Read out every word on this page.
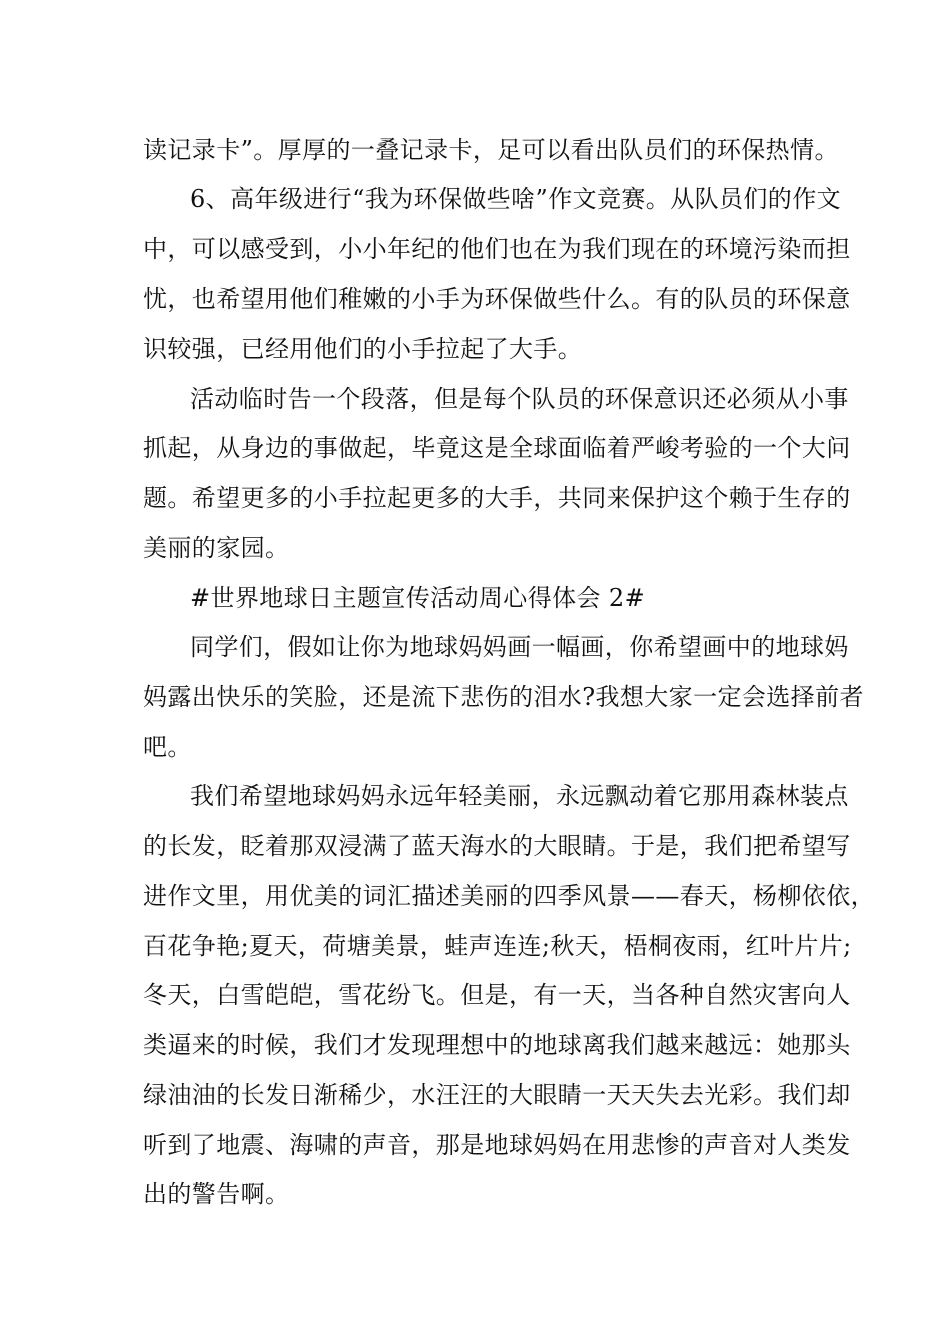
读记录卡”。厚厚的一叠记录卡，足可以看出队员们的环保热情。
6、高年级进行“我为环保做些啥”作文竞赛。从队员们的作文
中，可以感受到，小小年纪的他们也在为我们现在的环境污染而担
忧，也希望用他们稚嫩的小手为环保做些什么。有的队员的环保意
识较强，已经用他们的小手拉起了大手。
活动临时告一个段落，但是每个队员的环保意识还必须从小事
抓起，从身边的事做起，毕竟这是全球面临着严峻考验的一个大问
题。希望更多的小手拉起更多的大手，共同来保护这个赖于生存的
美丽的家园。
#世界地球日主题宣传活动周心得体会 2#
同学们，假如让你为地球妈妈画一幅画，你希望画中的地球妈
妈露出快乐的笑脸，还是流下悲伤的泪水?我想大家一定会选择前者
吧。
我们希望地球妈妈永远年轻美丽，永远飘动着它那用森林装点
的长发，眨着那双浸满了蓝天海水的大眼睛。于是，我们把希望写
进作文里，用优美的词汇描述美丽的四季风景——春天，杨柳依依，
百花争艳;夏天，荷塘美景，蛙声连连;秋天，梧桐夜雨，红叶片片;
冬天，白雪皑皑，雪花纷飞。但是，有一天，当各种自然灾害向人
类逼来的时候，我们才发现理想中的地球离我们越来越远：她那头
绿油油的长发日渐稀少，水汪汪的大眼睛一天天失去光彩。我们却
听到了地震、海啸的声音，那是地球妈妈在用悲惨的声音对人类发
出的警告啊。
